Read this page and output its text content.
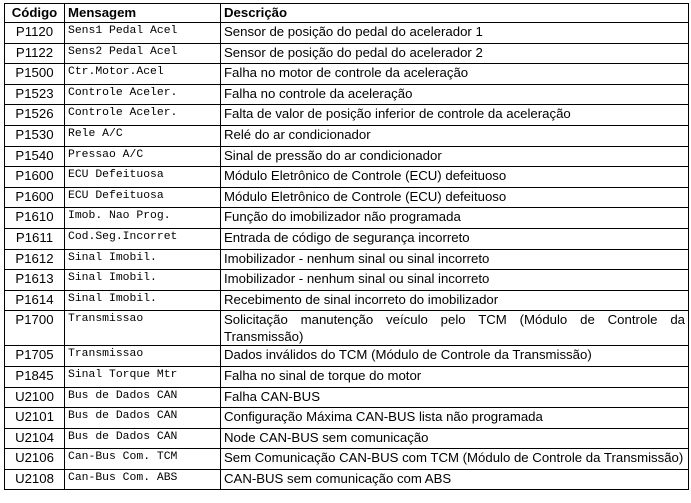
Código	Mensagem	Descrição
P1120	Sens1 Pedal Acel	Sensor de posição do pedal do acelerador 1
P1122	Sens2 Pedal Acel	Sensor de posição do pedal do acelerador 2
P1500	Ctr.Motor.Acel	Falha no motor de controle da aceleração
P1523	Controle Aceler.	Falha no controle da aceleração
P1526	Controle Aceler.	Falta de valor de posição inferior de controle da aceleração
P1530	Rele A/C	Relé do ar condicionador
P1540	Pressao A/C	Sinal de pressão do ar condicionador
P1600	ECU Defeituosa	Módulo Eletrônico de Controle (ECU) defeituoso
P1600	ECU Defeituosa	Módulo Eletrônico de Controle (ECU) defeituoso
P1610	Imob. Nao Prog.	Função do imobilizador não programada
P1611	Cod.Seg.Incorret	Entrada de código de segurança incorreto
P1612	Sinal Imobil.	Imobilizador - nenhum sinal ou sinal incorreto
P1613	Sinal Imobil.	Imobilizador - nenhum sinal ou sinal incorreto
P1614	Sinal Imobil.	Recebimento de sinal incorreto do imobilizador
P1700	Transmissao	Solicitação manutenção veículo pelo TCM (Módulo de Controle da Transmissão)
P1705	Transmissao	Dados inválidos do TCM (Módulo de Controle da Transmissão)
P1845	Sinal Torque Mtr	Falha no sinal de torque do motor
U2100	Bus de Dados CAN	Falha CAN-BUS
U2101	Bus de Dados CAN	Configuração Máxima CAN-BUS lista não programada
U2104	Bus de Dados CAN	Node CAN-BUS sem comunicação
U2106	Can-Bus Com. TCM	Sem Comunicação CAN-BUS com TCM (Módulo de Controle da Transmissão)
U2108	Can-Bus Com. ABS	CAN-BUS sem comunicação com ABS
